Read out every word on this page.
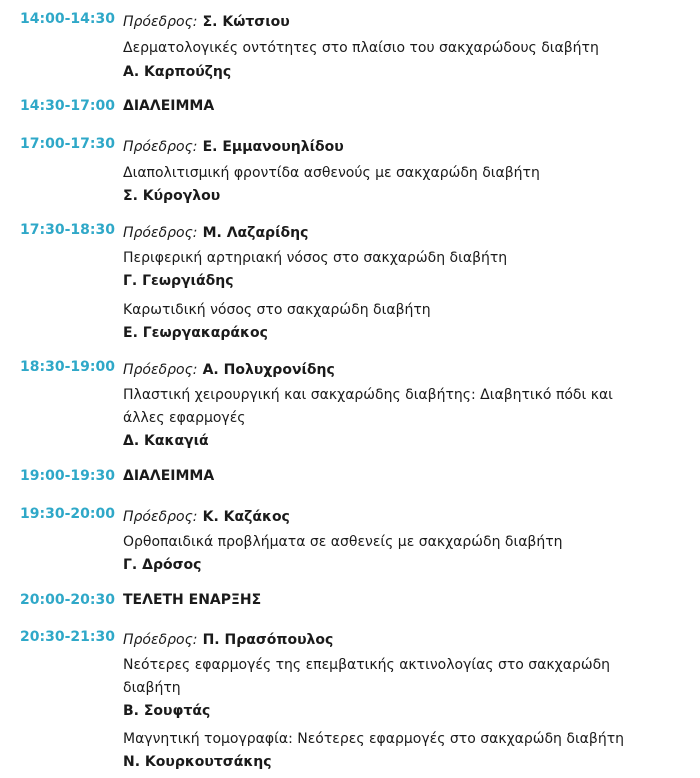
14:00-14:30 Πρόεδρος: Σ. Κώτσιου
Δερματολογικές οντότητες στο πλαίσιο του σακχαρώδους διαβήτη
Α. Καρπούζης
14:30-17:00 ΔΙΑΛΕΙΜΜΑ
17:00-17:30 Πρόεδρος: Ε. Εμμανουηλίδου
Διαπολιτισμική φροντίδα ασθενούς με σακχαρώδη διαβήτη
Σ. Κύρογλου
17:30-18:30 Πρόεδρος: Μ. Λαζαρίδης
Περιφερική αρτηριακή νόσος στο σακχαρώδη διαβήτη
Γ. Γεωργιάδης
Καρωτιδική νόσος στο σακχαρώδη διαβήτη
Ε. Γεωργακαράκος
18:30-19:00 Πρόεδρος: Α. Πολυχρονίδης
Πλαστική χειρουργική και σακχαρώδης διαβήτης: Διαβητικό πόδι και
άλλες εφαρμογές
Δ. Κακαγιά
19:00-19:30 ΔΙΑΛΕΙΜΜΑ
19:30-20:00 Πρόεδρος: Κ. Καζάκος
Ορθοπαιδικά προβλήματα σε ασθενείς με σακχαρώδη διαβήτη
Γ. Δρόσος
20:00-20:30 ΤΕΛΕΤΗ ΕΝΑΡΞΗΣ
20:30-21:30 Πρόεδρος: Π. Πρασόπουλος
Νεότερες εφαρμογές της επεμβατικής ακτινολογίας στο σακχαρώδη
διαβήτη
Β. Σουφτάς
Μαγνητική τομογραφία: Νεότερες εφαρμογές στο σακχαρώδη διαβήτη
Ν. Κουρκουτσάκης
